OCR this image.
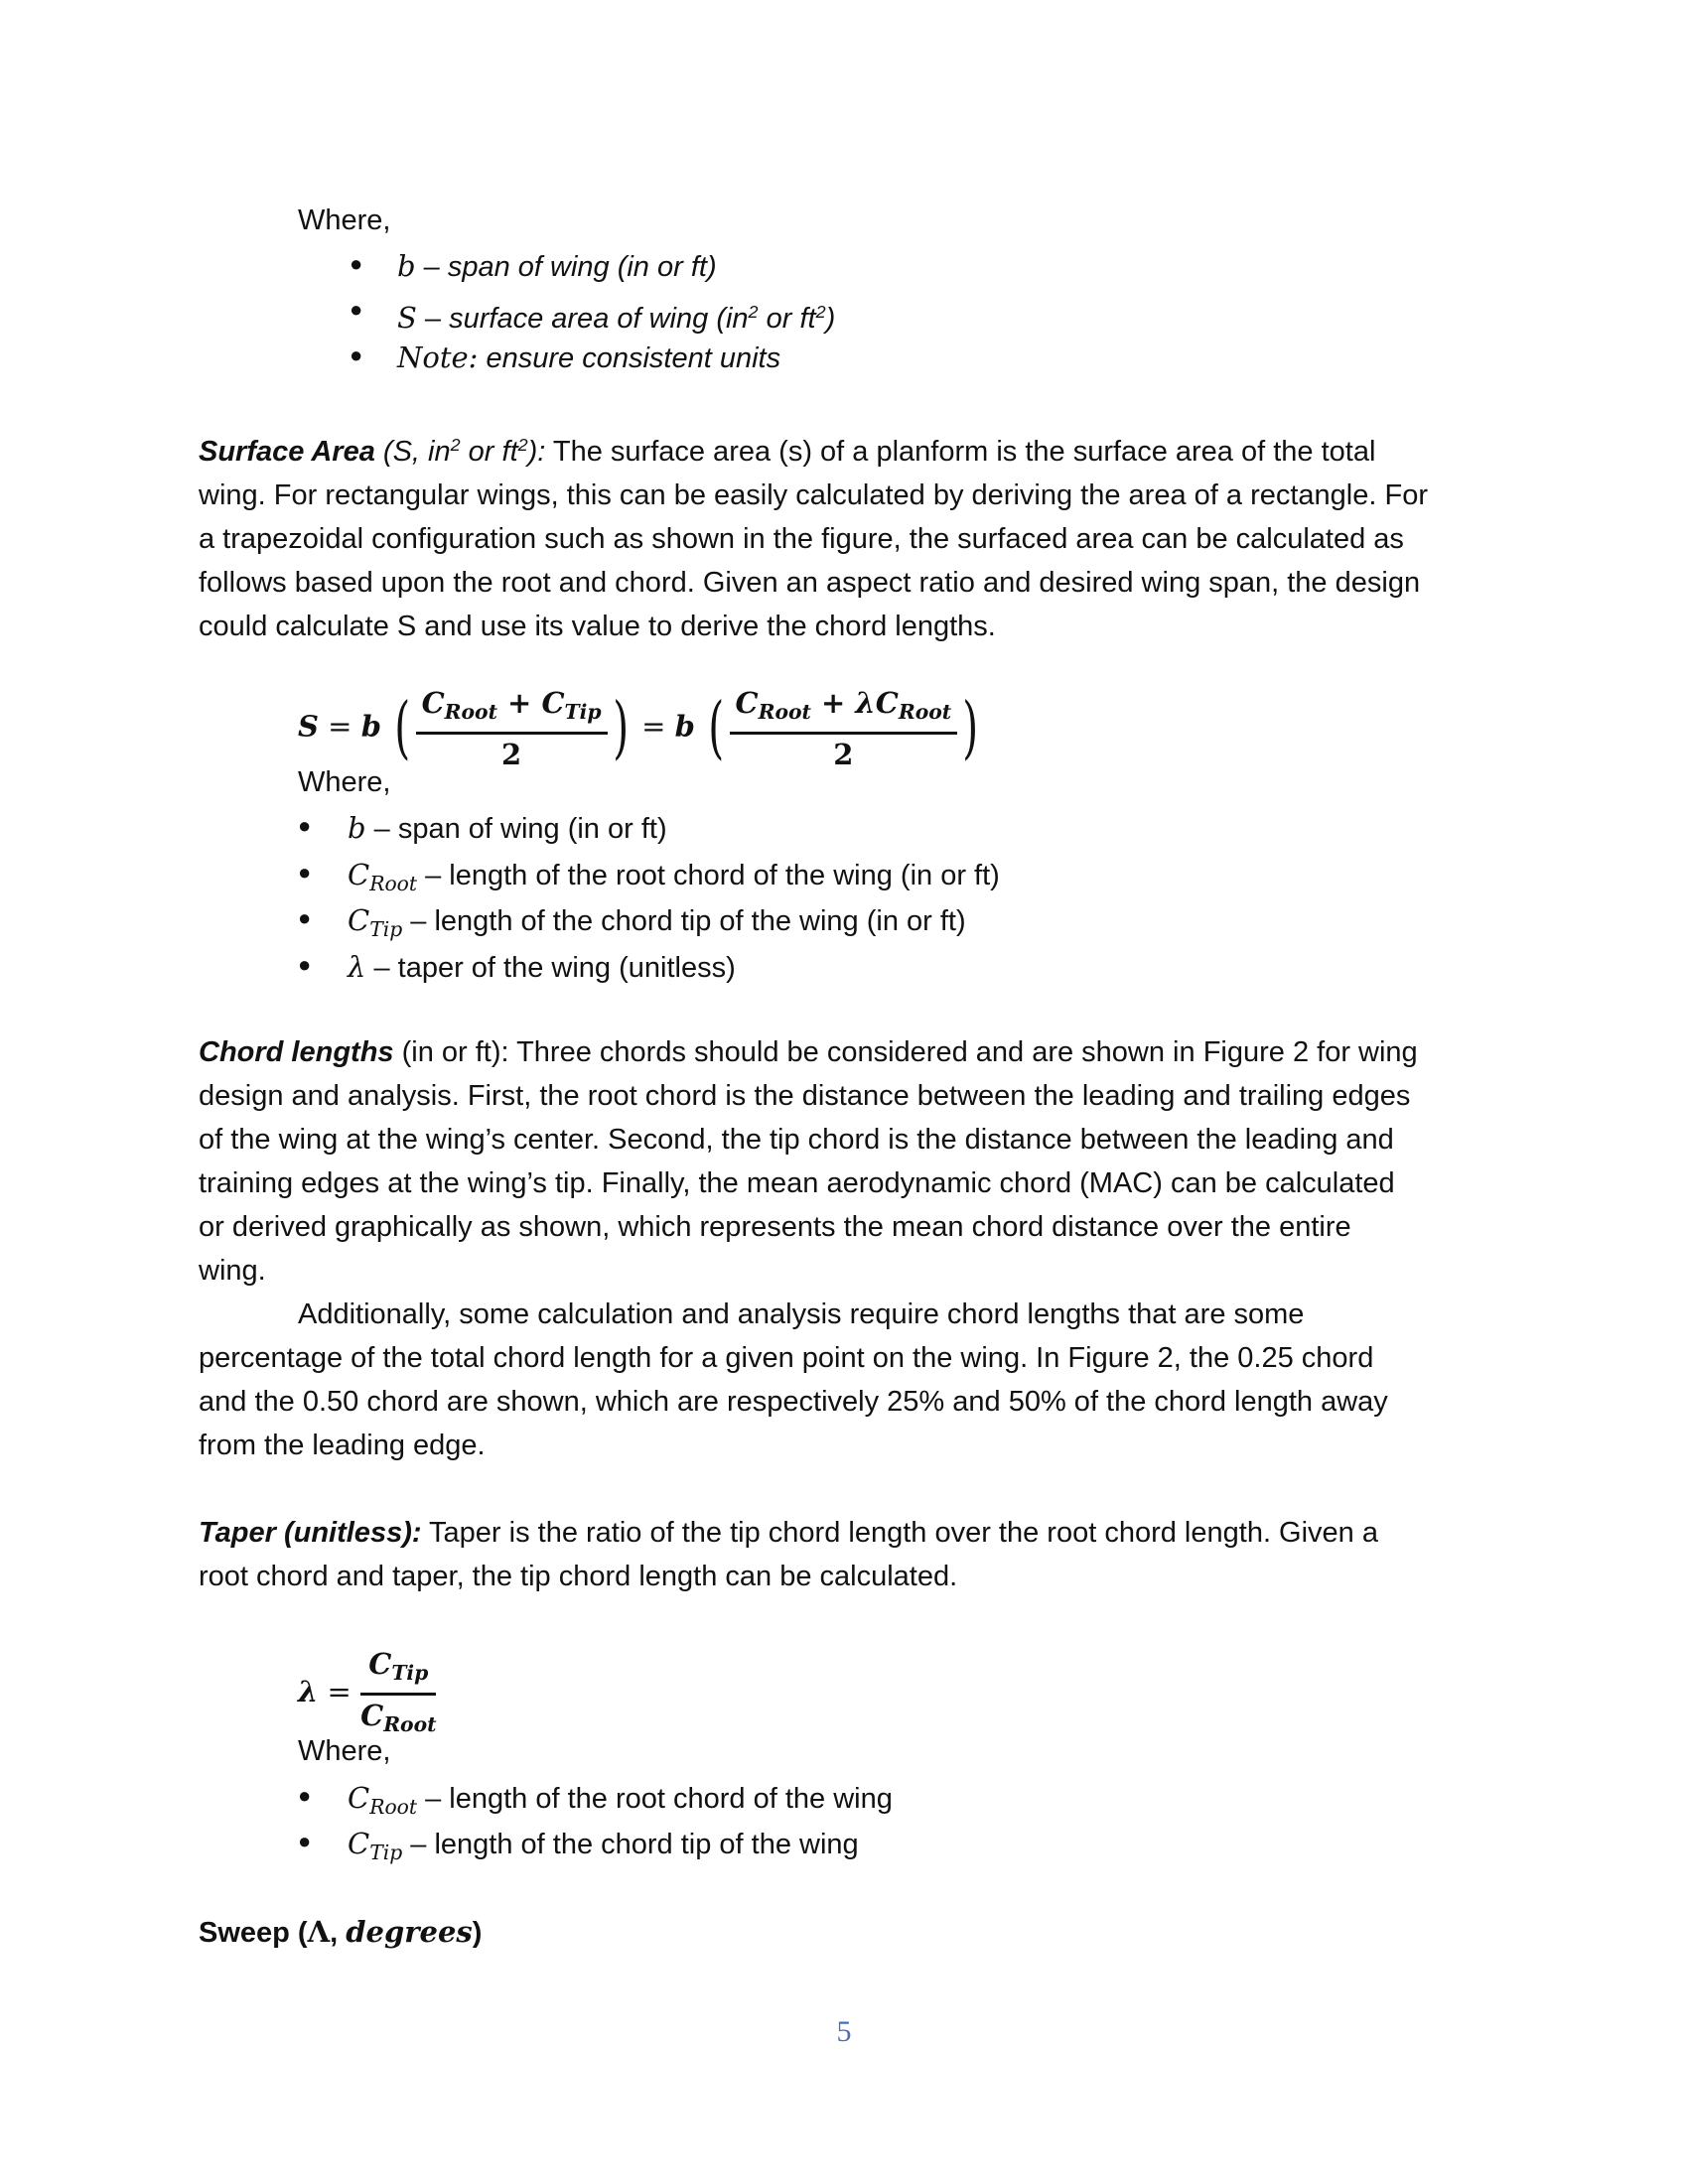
Where,
● b – span of wing (in or ft)
● S – surface area of wing ($in^2$ or $ft^2$)
● Note: ensure consistent units
Surface Area (S, $in^2$ or $ft^2$): The surface area (s) of a planform is the surface area of the total
wing. For rectangular wings, this can be easily calculated by deriving the area of a rectangle. For
a trapezoidal configuration such as shown in the figure, the surfaced area can be calculated as
follows based upon the root and chord. Given an aspect ratio and desired wing span, the design
could calculate S and use its value to derive the chord lengths.
S = b ( $\frac{C_{Root} + C_{Tip}}{2}$ ) = b ( $\frac{C_{Root} + \lambda C_{Root}}{2}$ )
Where,
● b – span of wing (in or ft)
● $C_{Root}$ – length of the root chord of the wing (in or ft)
● $C_{Tip}$ – length of the chord tip of the wing (in or ft)
● λ – taper of the wing (unitless)
Chord lengths (in or ft): Three chords should be considered and are shown in Figure 2 for wing
design and analysis. First, the root chord is the distance between the leading and trailing edges
of the wing at the wing’s center. Second, the tip chord is the distance between the leading and
training edges at the wing’s tip. Finally, the mean aerodynamic chord (MAC) can be calculated
or derived graphically as shown, which represents the mean chord distance over the entire
wing.
Additionally, some calculation and analysis require chord lengths that are some
percentage of the total chord length for a given point on the wing. In Figure 2, the 0.25 chord
and the 0.50 chord are shown, which are respectively 25% and 50% of the chord length away
from the leading edge.
Taper (unitless): Taper is the ratio of the tip chord length over the root chord length. Given a
root chord and taper, the tip chord length can be calculated.
$\lambda = \frac{C_{Tip}}{C_{Root}}$
Where,
● $C_{Root}$ – length of the root chord of the wing
● $C_{Tip}$ – length of the chord tip of the wing
Sweep (Λ, degrees)
5
